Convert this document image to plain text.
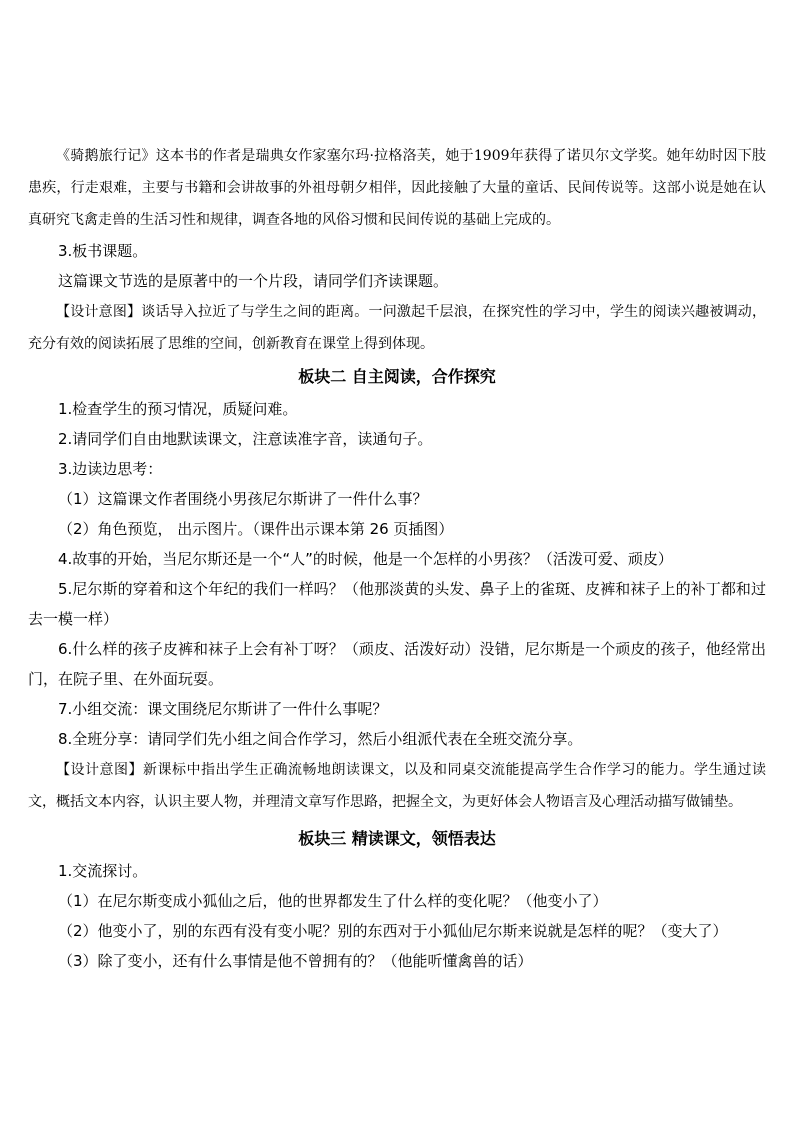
《骑鹅旅行记》这本书的作者是瑞典女作家塞尔玛·拉格洛芙，她于1909年获得了诺贝尔文学奖。她年幼时因下肢患疾，行走艰难，主要与书籍和会讲故事的外祖母朝夕相伴，因此接触了大量的童话、民间传说等。这部小说是她在认真研究飞禽走兽的生活习性和规律，调查各地的风俗习惯和民间传说的基础上完成的。

3.板书课题。

这篇课文节选的是原著中的一个片段，请同学们齐读课题。

【设计意图】谈话导入拉近了与学生之间的距离。一问激起千层浪，在探究性的学习中，学生的阅读兴趣被调动，充分有效的阅读拓展了思维的空间，创新教育在课堂上得到体现。

板块二 自主阅读，合作探究

1.检查学生的预习情况，质疑问难。

2.请同学们自由地默读课文，注意读准字音，读通句子。

3.边读边思考：

（1）这篇课文作者围绕小男孩尼尔斯讲了一件什么事？

（2）角色预览， 出示图片。（课件出示课本第 26 页插图）

4.故事的开始，当尼尔斯还是一个“人”的时候，他是一个怎样的小男孩？（活泼可爱、顽皮）

5.尼尔斯的穿着和这个年纪的我们一样吗？（他那淡黄的头发、鼻子上的雀斑、皮裤和袜子上的补丁都和过去一模一样）

6.什么样的孩子皮裤和袜子上会有补丁呀？（顽皮、活泼好动）没错，尼尔斯是一个顽皮的孩子，他经常出门，在院子里、在外面玩耍。

7.小组交流：课文围绕尼尔斯讲了一件什么事呢？

8.全班分享：请同学们先小组之间合作学习，然后小组派代表在全班交流分享。

【设计意图】新课标中指出学生正确流畅地朗读课文，以及和同桌交流能提高学生合作学习的能力。学生通过读文，概括文本内容，认识主要人物，并理清文章写作思路，把握全文，为更好体会人物语言及心理活动描写做铺垫。

板块三 精读课文，领悟表达

1.交流探讨。

（1）在尼尔斯变成小狐仙之后，他的世界都发生了什么样的变化呢？（他变小了）

（2）他变小了，别的东西有没有变小呢？别的东西对于小狐仙尼尔斯来说就是怎样的呢？（变大了）

（3）除了变小，还有什么事情是他不曾拥有的？（他能听懂禽兽的话）
